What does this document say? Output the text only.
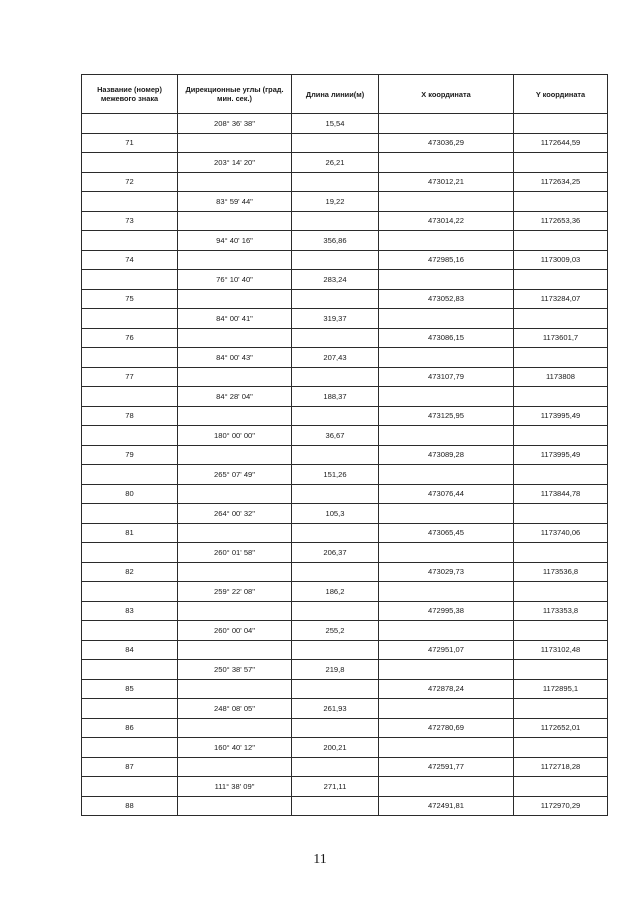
Название (номер) межевого знака	Дирекционные углы (град. мин. сек.)	Длина линии(м)	X координата	Y координата
	208° 36' 38"	15,54		
71			473036,29	1172644,59
	203° 14' 20"	26,21		
72			473012,21	1172634,25
	83° 59' 44"	19,22		
73			473014,22	1172653,36
	94° 40' 16"	356,86		
74			472985,16	1173009,03
	76° 10' 40"	283,24		
75			473052,83	1173284,07
	84° 00' 41"	319,37		
76			473086,15	1173601,7
	84° 00' 43"	207,43		
77			473107,79	1173808
	84° 28' 04"	188,37		
78			473125,95	1173995,49
	180° 00' 00"	36,67		
79			473089,28	1173995,49
	265° 07' 49"	151,26		
80			473076,44	1173844,78
	264° 00' 32"	105,3		
81			473065,45	1173740,06
	260° 01' 58"	206,37		
82			473029,73	1173536,8
	259° 22' 08"	186,2		
83			472995,38	1173353,8
	260° 00' 04"	255,2		
84			472951,07	1173102,48
	250° 38' 57"	219,8		
85			472878,24	1172895,1
	248° 08' 05"	261,93		
86			472780,69	1172652,01
	160° 40' 12"	200,21		
87			472591,77	1172718,28
	111° 38' 09"	271,11		
88			472491,81	1172970,29
11
